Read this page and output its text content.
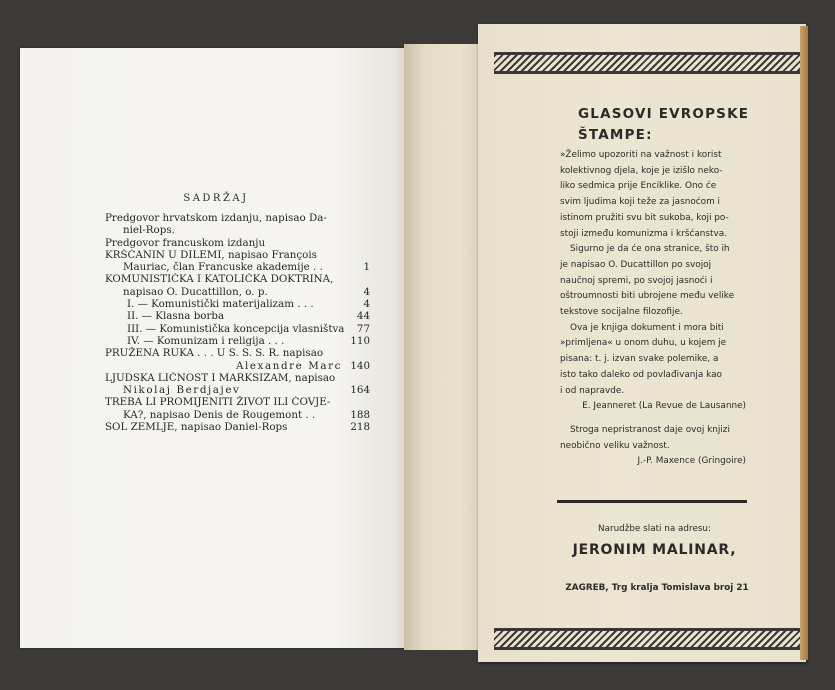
SADRŽAJ
Predgovor hrvatskom izdanju, napisao Da-
niel-Rops.
Predgovor francuskom izdanju
KRŠĆANIN U DILEMI, napisao François
Mauriac, član Francuske akademije . .	1
KOMUNISTIČKA I KATOLIČKA DOKTRINA,
napisao O. Ducattillon, o. p.	4
I. — Komunistički materijalizam . . .	4
II. — Klasna borba	44
III. — Komunistička koncepcija vlasništva	77
IV. — Komunizam i religija . . .	110
PRUŽENA RUKA . . . U S. S. S. R. napisao
Alexandre Marc 140
LJUDSKA LIČNOST I MARKSIZAM, napisao
Nikolaj Berdjajev	164
TREBA LI PROMIJENITI ŽIVOT ILI ČOVJE-
KA?, napisao Denis de Rougemont . .	188
SOL ZEMLJE, napisao Daniel-Rops	218
GLASOVI EVROPSKE
ŠTAMPE:

»Želimo upozoriti na važnost i korist

kolektivnog djela, koje je izišlo neko-

liko sedmica prije Enciklike. Ono će

svim ljudima koji teže za jasnoćom i

istinom pružiti svu bit sukoba, koji po-

stoji između komunizma i kršćanstva.

Sigurno je da će ona stranice, što ih

je napisao O. Ducattillon po svojoj

naučnoj spremi, po svojoj jasnoći i

oštroumnosti biti ubrojene među velike

tekstove socijalne filozofije.

Ova je knjiga dokument i mora biti

»primljena« u onom duhu, u kojem je

pisana: t. j. izvan svake polemike, a

isto tako daleko od povlađivanja kao

i od napravde.

E. Jeanneret (La Revue de Lausanne)

Stroga nepristranost daje ovoj knjizi

neobično veliku važnost.

J.-P. Maxence (Gringoire)

Narudžbe slati na adresu:
JERONIM MALINAR,
ZAGREB, Trg kralja Tomislava broj 21
